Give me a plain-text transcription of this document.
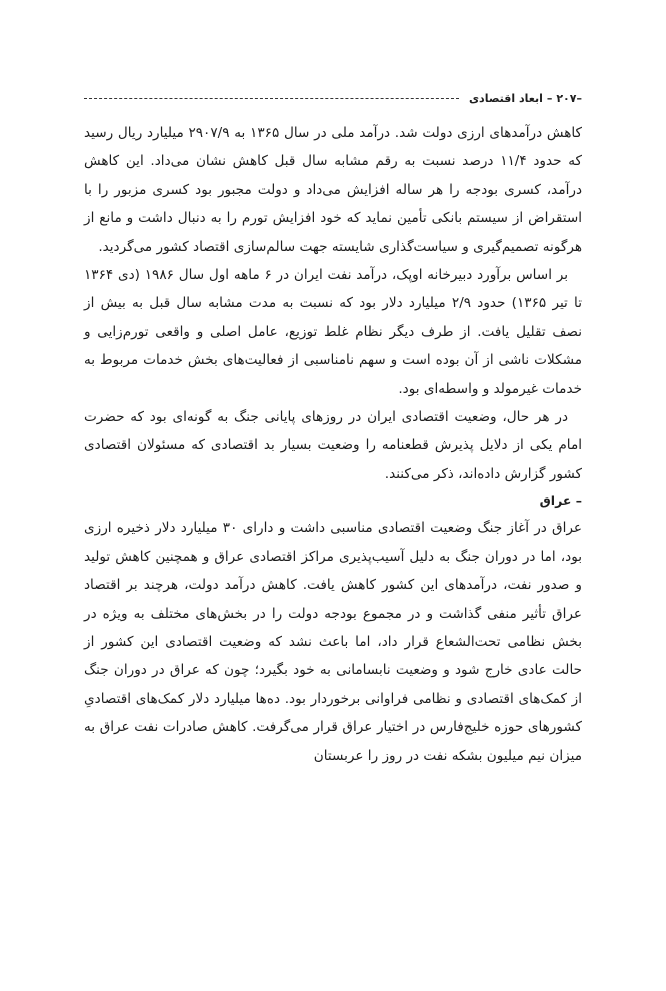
–
۲۰۷
–
ابعاد اقتصادی

کاهش درآمدهای ارزی دولت شد. درآمد ملی در سال ۱۳۶۵ به ۲۹۰۷/۹ میلیارد ریال رسید که حدود ۱۱/۴ درصد نسبت به رقم مشابه سال قبل کاهش نشان می‌داد. این کاهش درآمد، کسری بودجه را هر ساله افزایش می‌داد و دولت مجبور بود کسری مزبور را با استقراض از سیستم بانکی تأمین نماید که خود افزایش تورم را به دنبال داشت و مانع از هرگونه تصمیم‌گیری و سیاست‌گذاری شایسته جهت سالم‌سازی اقتصاد کشور می‌گردید.

بر اساس برآورد دبیرخانه اوپک، درآمد نفت ایران در ۶ ماهه اول سال ۱۹۸۶ (دی ۱۳۶۴ تا تیر ۱۳۶۵) حدود ۲/۹ میلیارد دلار بود که نسبت به مدت مشابه سال قبل به بیش از نصف تقلیل یافت. از طرف دیگر نظام غلط توزیع، عامل اصلی و واقعی تورم‌زایی و مشکلات ناشی از آن بوده است و سهم نامناسبی از فعالیت‌های بخش خدمات مربوط به خدمات غیرمولد و واسطه‌ای بود.

در هر حال، وضعیت اقتصادی ایران در روزهای پایانی جنگ به گونه‌ای بود که حضرت امام یکی از دلایل پذیرش قطعنامه را وضعیت بسیار بد اقتصادی که مسئولان اقتصادی کشور گزارش داده‌اند، ذکر می‌کنند.

– عراق

عراق در آغاز جنگ وضعیت اقتصادی مناسبی داشت و دارای ۳۰ میلیارد دلار ذخیره ارزی بود، اما در دوران جنگ به دلیل آسیب‌پذیری مراکز اقتصادی عراق و همچنین کاهش تولید و صدور نفت، درآمدهای این کشور کاهش یافت. کاهش درآمد دولت، هرچند بر اقتصاد عراق تأثیر منفی گذاشت و در مجموع بودجه دولت را در بخش‌های مختلف به ویژه در بخش نظامی تحت‌الشعاع قرار داد، اما باعث نشد که وضعیت اقتصادی این کشور از حالت عادی خارج شود و وضعیت نابسامانی به خود بگیرد؛ چون که عراق در دوران جنگ از کمک‌های اقتصادی و نظامی فراوانی برخوردار بود. ده‌ها میلیارد دلار کمک‌های اقتصادیِ کشورهای حوزه خلیج‌فارس در اختیار عراق قرار می‌گرفت. کاهش صادرات نفت عراق به میزان نیم میلیون بشکه نفت در روز را عربستان
